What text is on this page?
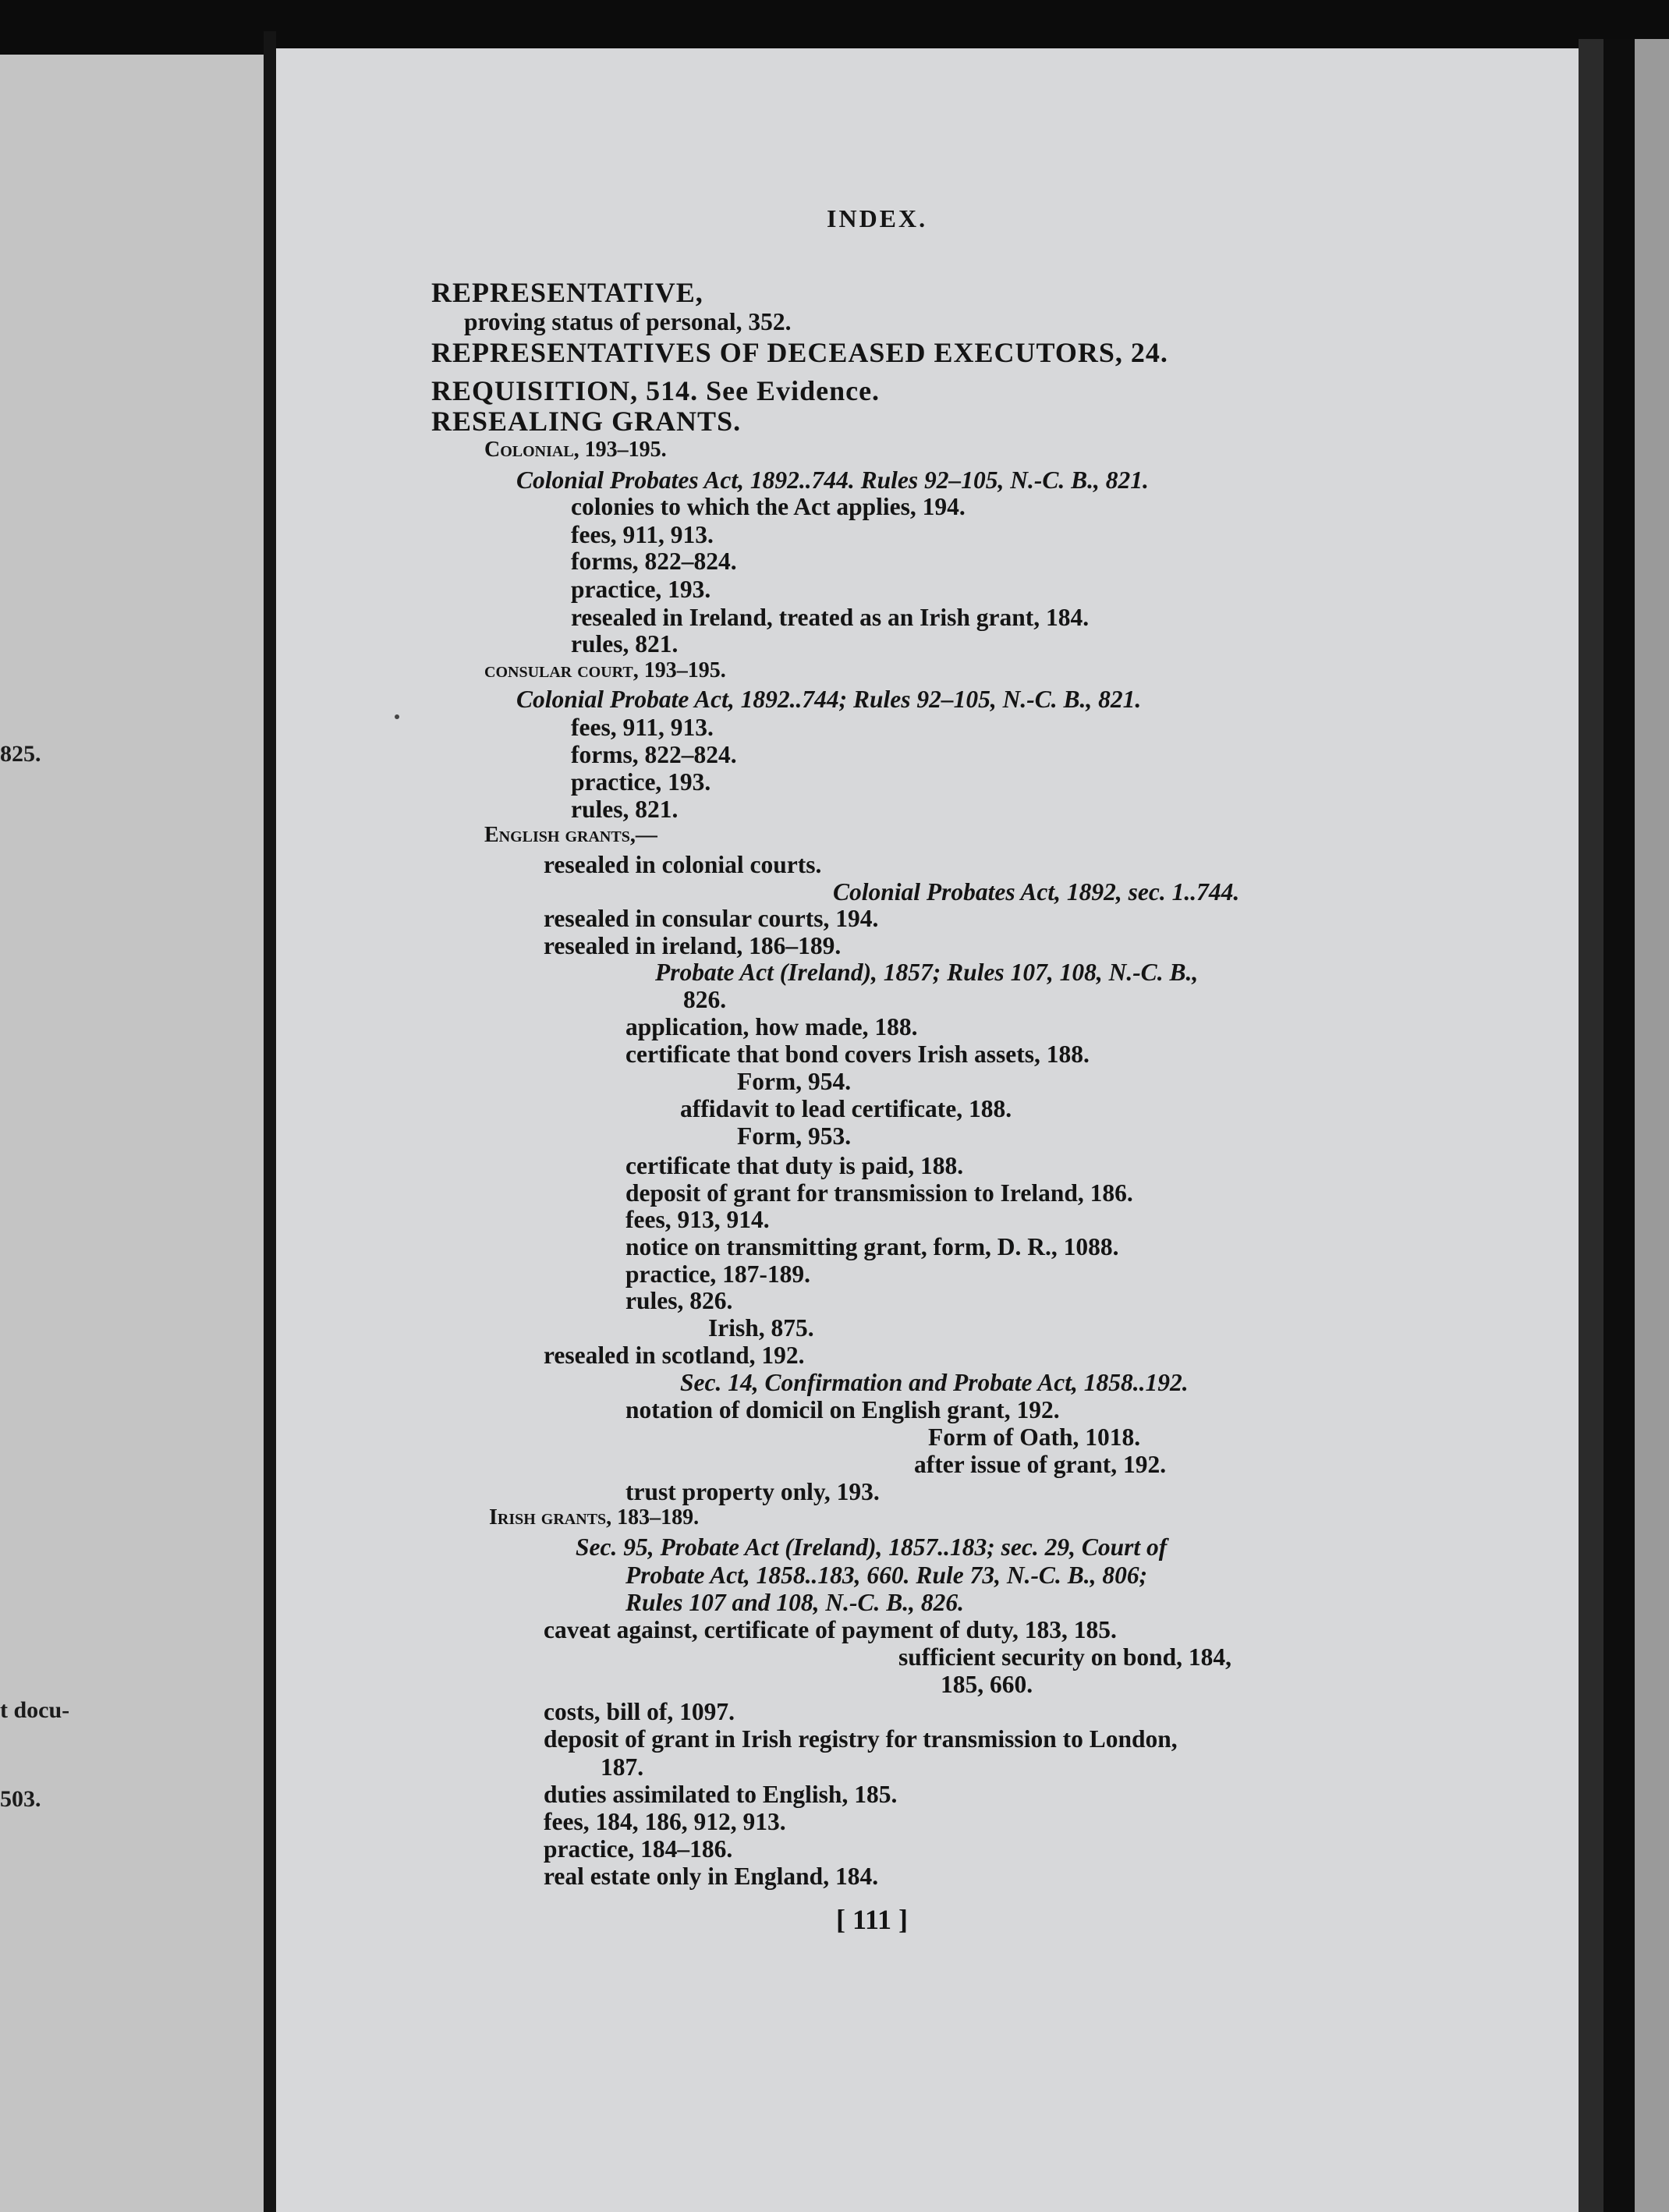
825.
t docu-
503.
INDEX.
REPRESENTATIVE,
proving status of personal, 352.
REPRESENTATIVES OF DECEASED EXECUTORS, 24.
REQUISITION, 514. See Evidence.
RESEALING GRANTS.
Colonial, 193–195.
Colonial Probates Act, 1892..744. Rules 92–105, N.-C. B., 821.
colonies to which the Act applies, 194.
fees, 911, 913.
forms, 822–824.
practice, 193.
resealed in Ireland, treated as an Irish grant, 184.
rules, 821.
consular court, 193–195.
Colonial Probate Act, 1892..744; Rules 92–105, N.-C. B., 821.
fees, 911, 913.
forms, 822–824.
practice, 193.
rules, 821.
English grants,—
resealed in colonial courts.
Colonial Probates Act, 1892, sec. 1..744.
resealed in consular courts, 194.
resealed in ireland, 186–189.
Probate Act (Ireland), 1857; Rules 107, 108, N.-C. B.,
826.
application, how made, 188.
certificate that bond covers Irish assets, 188.
Form, 954.
affidavit to lead certificate, 188.
Form, 953.
certificate that duty is paid, 188.
deposit of grant for transmission to Ireland, 186.
fees, 913, 914.
notice on transmitting grant, form, D. R., 1088.
practice, 187-189.
rules, 826.
Irish, 875.
resealed in scotland, 192.
Sec. 14, Confirmation and Probate Act, 1858..192.
notation of domicil on English grant, 192.
Form of Oath, 1018.
after issue of grant, 192.
trust property only, 193.
Irish grants, 183–189.
Sec. 95, Probate Act (Ireland), 1857..183; sec. 29, Court of
Probate Act, 1858..183, 660. Rule 73, N.-C. B., 806;
Rules 107 and 108, N.-C. B., 826.
caveat against, certificate of payment of duty, 183, 185.
sufficient security on bond, 184,
185, 660.
costs, bill of, 1097.
deposit of grant in Irish registry for transmission to London,
187.
duties assimilated to English, 185.
fees, 184, 186, 912, 913.
practice, 184–186.
real estate only in England, 184.
[ 111 ]
